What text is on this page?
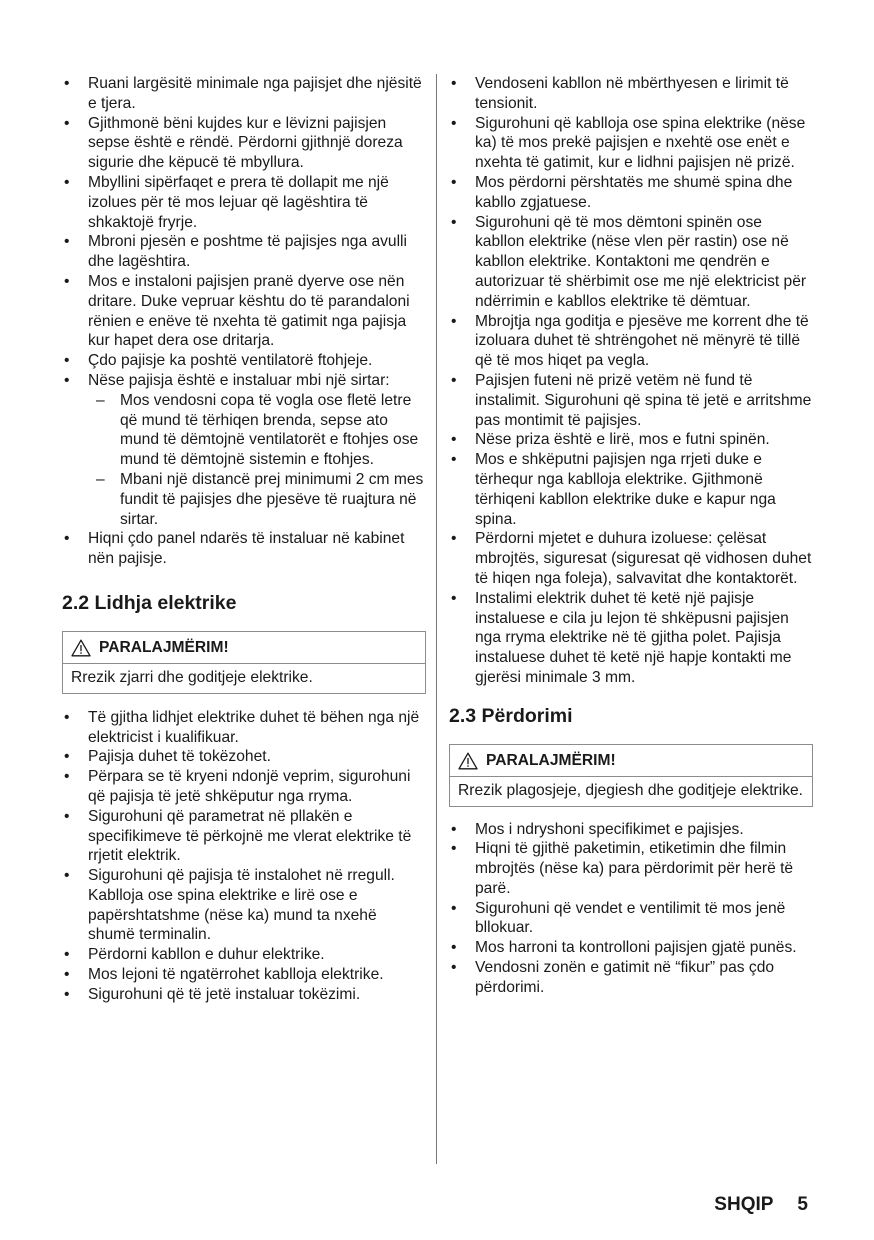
• Ruani largësitë minimale nga pajisjet dhe njësitë e tjera.
• Gjithmonë bëni kujdes kur e lëvizni pajisjen sepse është e rëndë. Përdorni gjithnjë doreza sigurie dhe këpucë të mbyllura.
• Mbyllini sipërfaqet e prera të dollapit me një izolues për të mos lejuar që lagështira të shkaktojë fryrje.
• Mbroni pjesën e poshtme të pajisjes nga avulli dhe lagështira.
• Mos e instaloni pajisjen pranë dyerve ose nën dritare. Duke vepruar kështu do të parandaloni rënien e enëve të nxehta të gatimit nga pajisja kur hapet dera ose dritarja.
• Çdo pajisje ka poshtë ventilatorë ftohjeje.
• Nëse pajisja është e instaluar mbi një sirtar:
– Mos vendosni copa të vogla ose fletë letre që mund të tërhiqen brenda, sepse ato mund të dëmtojnë ventilatorët e ftohjes ose mund të dëmtojnë sistemin e ftohjes.
– Mbani një distancë prej minimumi 2 cm mes fundit të pajisjes dhe pjesëve të ruajtura në sirtar.
• Hiqni çdo panel ndarës të instaluar në kabinet nën pajisje.
2.2 Lidhja elektrike
PARALAJMËRIM!
Rrezik zjarri dhe goditjeje elektrike.
• Të gjitha lidhjet elektrike duhet të bëhen nga një elektricist i kualifikuar.
• Pajisja duhet të tokëzohet.
• Përpara se të kryeni ndonjë veprim, sigurohuni që pajisja të jetë shkëputur nga rryma.
• Sigurohuni që parametrat në pllakën e specifikimeve të përkojnë me vlerat elektrike të rrjetit elektrik.
• Sigurohuni që pajisja të instalohet në rregull. Kablloja ose spina elektrike e lirë ose e papërshtatshme (nëse ka) mund ta nxehë shumë terminalin.
• Përdorni kabllon e duhur elektrike.
• Mos lejoni të ngatërrohet kablloja elektrike.
• Sigurohuni që të jetë instaluar tokëzimi.
• Vendoseni kabllon në mbërthyesen e lirimit të tensionit.
• Sigurohuni që kablloja ose spina elektrike (nëse ka) të mos prekë pajisjen e nxehtë ose enët e nxehta të gatimit, kur e lidhni pajisjen në prizë.
• Mos përdorni përshtatës me shumë spina dhe kabllo zgjatuese.
• Sigurohuni që të mos dëmtoni spinën ose kabllon elektrike (nëse vlen për rastin) ose në kabllon elektrike. Kontaktoni me qendrën e autorizuar të shërbimit ose me një elektricist për ndërrimin e kabllos elektrike të dëmtuar.
• Mbrojtja nga goditja e pjesëve me korrent dhe të izoluara duhet të shtrëngohet në mënyrë të tillë që të mos hiqet pa vegla.
• Pajisjen futeni në prizë vetëm në fund të instalimit. Sigurohuni që spina të jetë e arritshme pas montimit të pajisjes.
• Nëse priza është e lirë, mos e futni spinën.
• Mos e shkëputni pajisjen nga rrjeti duke e tërhequr nga kablloja elektrike. Gjithmonë tërhiqeni kabllon elektrike duke e kapur nga spina.
• Përdorni mjetet e duhura izoluese: çelësat mbrojtës, siguresat (siguresat që vidhosen duhet të hiqen nga foleja), salvavitat dhe kontaktorët.
• Instalimi elektrik duhet të ketë një pajisje instaluese e cila ju lejon të shkëpusni pajisjen nga rryma elektrike në të gjitha polet. Pajisja instaluese duhet të ketë një hapje kontakti me gjerësi minimale 3 mm.
2.3 Përdorimi
PARALAJMËRIM!
Rrezik plagosjeje, djegiesh dhe goditjeje elektrike.
• Mos i ndryshoni specifikimet e pajisjes.
• Hiqni të gjithë paketimin, etiketimin dhe filmin mbrojtës (nëse ka) para përdorimit për herë të parë.
• Sigurohuni që vendet e ventilimit të mos jenë bllokuar.
• Mos harroni ta kontrolloni pajisjen gjatë punës.
• Vendosni zonën e gatimit në “fikur” pas çdo përdorimi.
SHQIP 5
